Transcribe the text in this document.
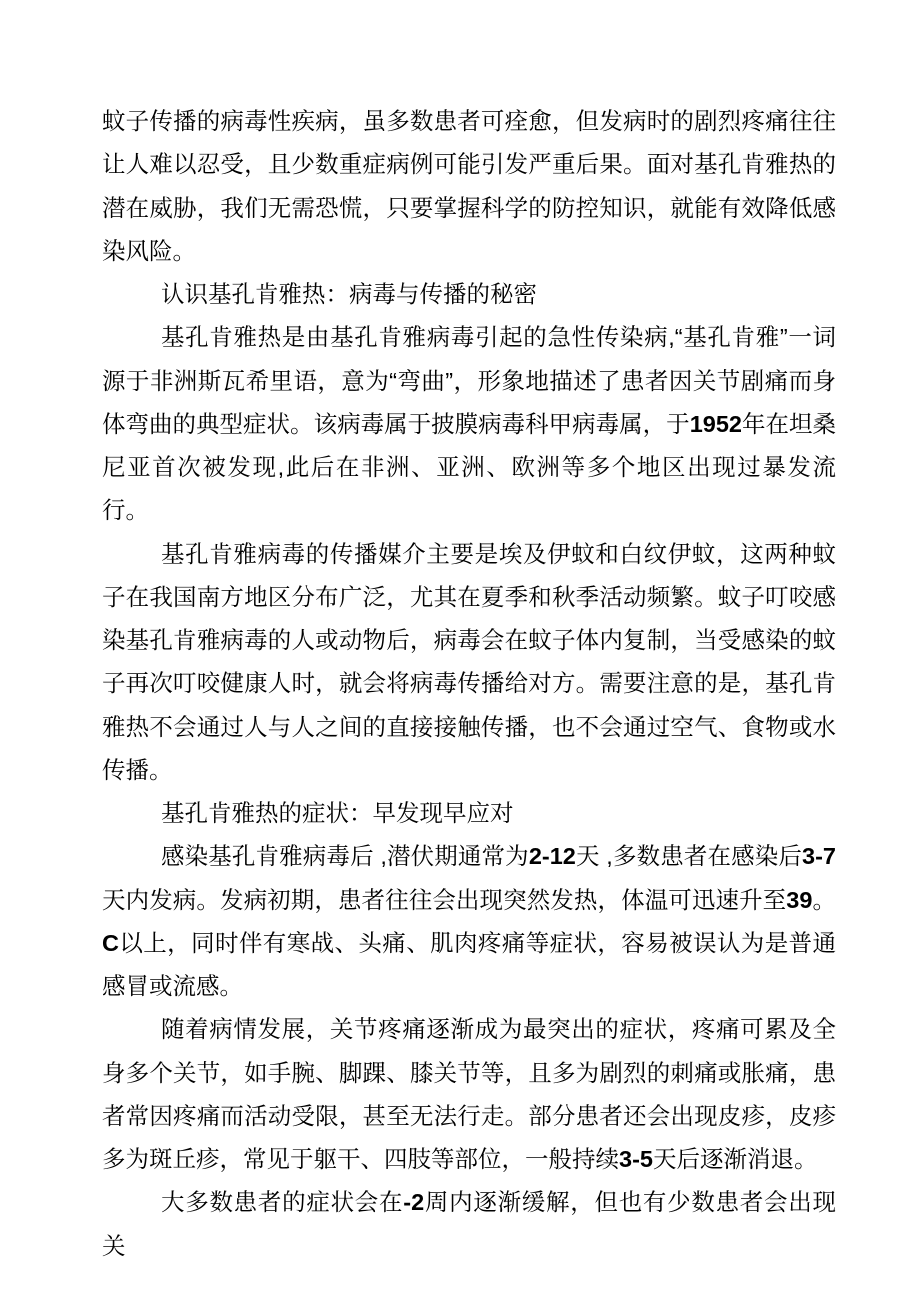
蚊子传播的病毒性疾病，虽多数患者可痊愈，但发病时的剧烈疼痛往往让人难以忍受，且少数重症病例可能引发严重后果。面对基孔肯雅热的潜在威胁，我们无需恐慌，只要掌握科学的防控知识，就能有效降低感染风险。

认识基孔肯雅热：病毒与传播的秘密

基孔肯雅热是由基孔肯雅病毒引起的急性传染病,“基孔肯雅”一词源于非洲斯瓦希里语，意为“弯曲”，形象地描述了患者因关节剧痛而身体弯曲的典型症状。该病毒属于披膜病毒科甲病毒属，于1952年在坦桑尼亚首次被发现,此后在非洲、亚洲、欧洲等多个地区出现过暴发流行。

基孔肯雅病毒的传播媒介主要是埃及伊蚊和白纹伊蚊，这两种蚊子在我国南方地区分布广泛，尤其在夏季和秋季活动频繁。蚊子叮咬感染基孔肯雅病毒的人或动物后，病毒会在蚊子体内复制，当受感染的蚊子再次叮咬健康人时，就会将病毒传播给对方。需要注意的是，基孔肯雅热不会通过人与人之间的直接接触传播，也不会通过空气、食物或水传播。

基孔肯雅热的症状：早发现早应对

感染基孔肯雅病毒后 ,潜伏期通常为2-12天 ,多数患者在感染后3-7天内发病。发病初期，患者往往会出现突然发热，体温可迅速升至39。C以上，同时伴有寒战、头痛、肌肉疼痛等症状，容易被误认为是普通感冒或流感。

随着病情发展，关节疼痛逐渐成为最突出的症状，疼痛可累及全身多个关节，如手腕、脚踝、膝关节等，且多为剧烈的刺痛或胀痛，患者常因疼痛而活动受限，甚至无法行走。部分患者还会出现皮疹，皮疹多为斑丘疹，常见于躯干、四肢等部位，一般持续3-5天后逐渐消退。

大多数患者的症状会在-2周内逐渐缓解，但也有少数患者会出现关
